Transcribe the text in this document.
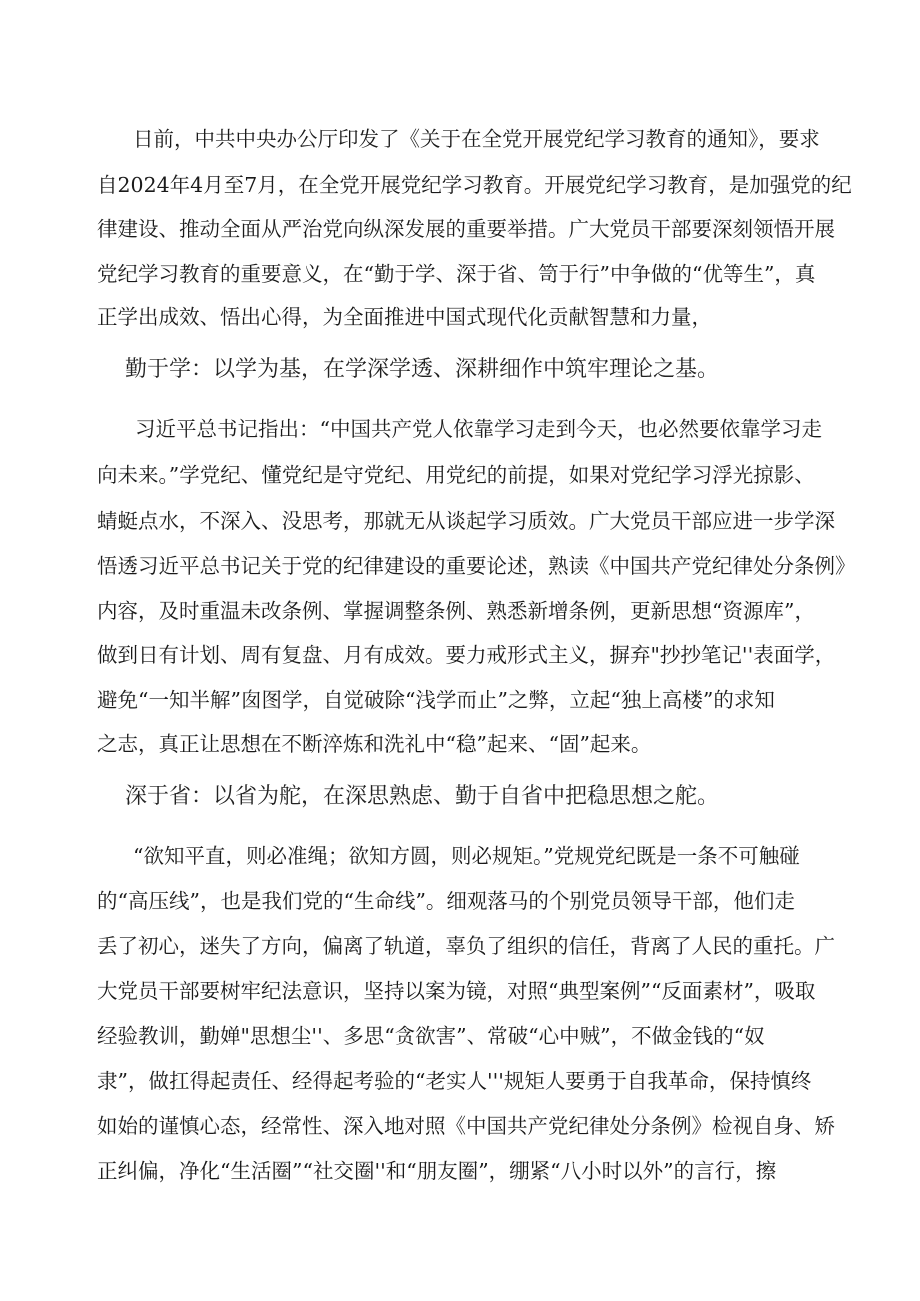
日前，中共中央办公厅印发了《关于在全党开展党纪学习教育的通知》，要求
自2024年4月至7月，在全党开展党纪学习教育。开展党纪学习教育，是加强党的纪
律建设、推动全面从严治党向纵深发展的重要举措。广大党员干部要深刻领悟开展
党纪学习教育的重要意义，在“勤于学、深于省、笥于行”中争做的“优等生”，真
正学出成效、悟出心得，为全面推进中国式现代化贡献智慧和力量，
勤于学：以学为基，在学深学透、深耕细作中筑牢理论之基。
习近平总书记指出：“中国共产党人依靠学习走到今天，也必然要依靠学习走
向未来。”学党纪、懂党纪是守党纪、用党纪的前提，如果对党纪学习浮光掠影、
蜻蜓点水，不深入、没思考，那就无从谈起学习质效。广大党员干部应进一步学深
悟透习近平总书记关于党的纪律建设的重要论述，熟读《中国共产党纪律处分条例》
内容，及时重温未改条例、掌握调整条例、熟悉新增条例，更新思想“资源库”，
做到日有计划、周有复盘、月有成效。要力戒形式主义，摒弃"抄抄笔记''表面学，
避免“一知半解”囱图学，自觉破除“浅学而止”之弊，立起“独上高楼”的求知
之志，真正让思想在不断淬炼和洗礼中“稳”起来、“固”起来。
深于省：以省为舵，在深思熟虑、勤于自省中把稳思想之舵。
“欲知平直，则必准绳；欲知方圆，则必规矩。”党规党纪既是一条不可触碰
的“高压线”，也是我们党的“生命线”。细观落马的个别党员领导干部，他们走
丢了初心，迷失了方向，偏离了轨道，辜负了组织的信任，背离了人民的重托。广
大党员干部要树牢纪法意识，坚持以案为镜，对照“典型案例”“反面素材”，吸取
经验教训，勤婵"思想尘''、多思“贪欲害”、常破“心中贼”，不做金钱的“奴
隶”，做扛得起责任、经得起考验的“老实人'''规矩人要勇于自我革命，保持慎终
如始的谨慎心态，经常性、深入地对照《中国共产党纪律处分条例》检视自身、矫
正纠偏，净化“生活圈”“社交圈''和“朋友圈”，绷紧“八小时以外”的言行，擦
